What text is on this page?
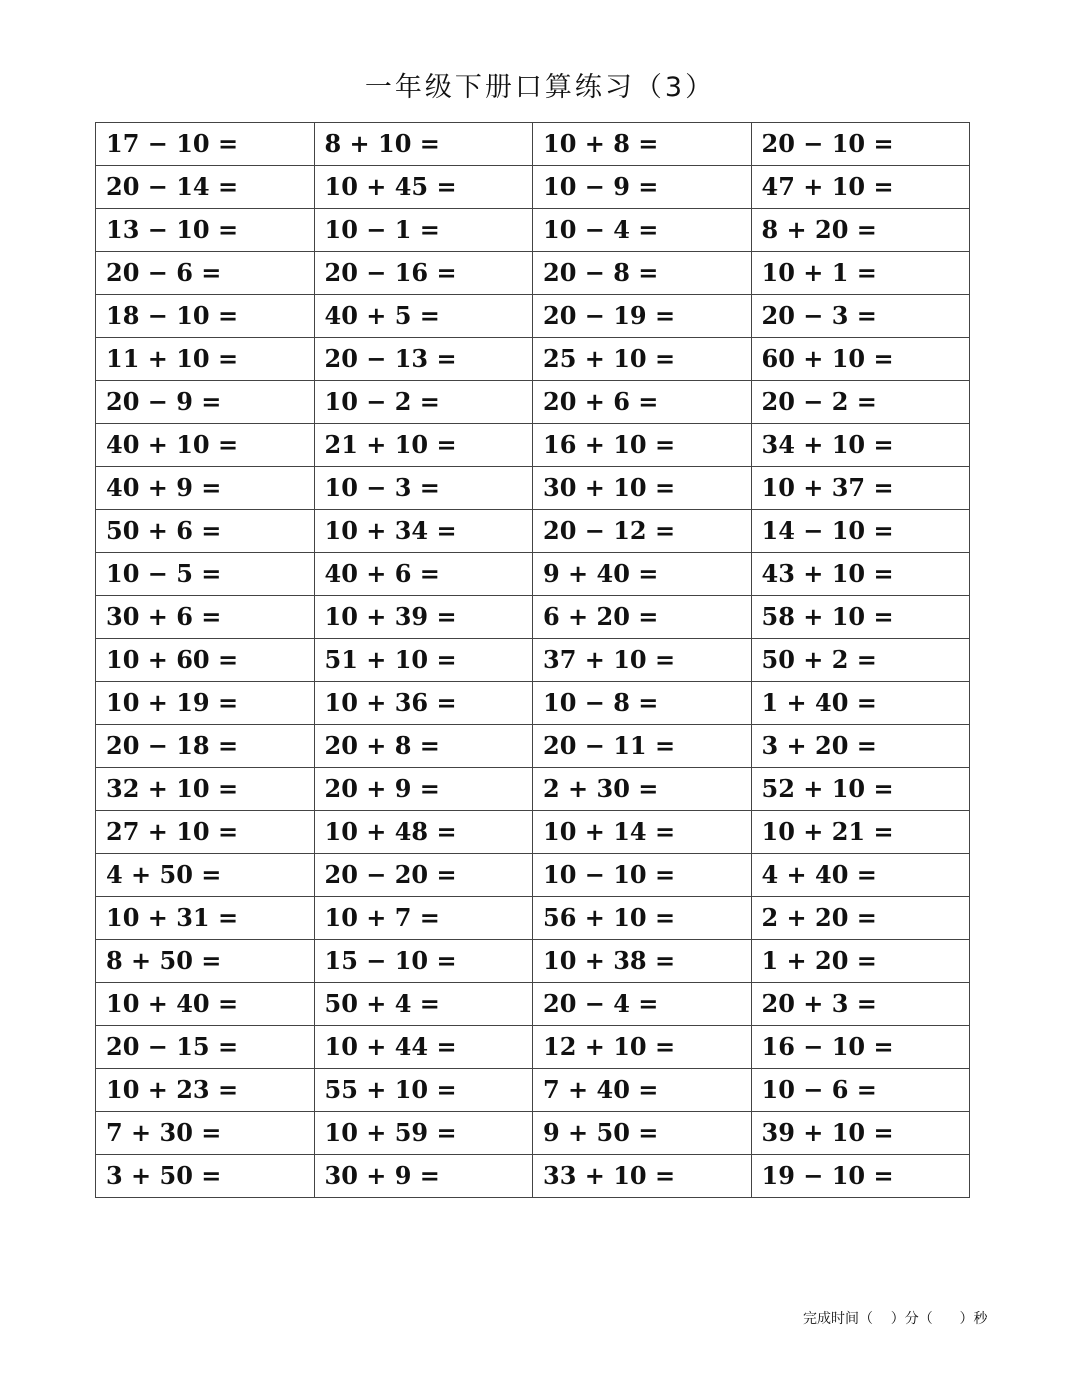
一年级下册口算练习（3）
17 − 10 =	8 + 10 =	10 + 8 =	20 − 10 =
20 − 14 =	10 + 45 =	10 − 9 =	47 + 10 =
13 − 10 =	10 − 1 =	10 − 4 =	8 + 20 =
20 − 6 =	20 − 16 =	20 − 8 =	10 + 1 =
18 − 10 =	40 + 5 =	20 − 19 =	20 − 3 =
11 + 10 =	20 − 13 =	25 + 10 =	60 + 10 =
20 − 9 =	10 − 2 =	20 + 6 =	20 − 2 =
40 + 10 =	21 + 10 =	16 + 10 =	34 + 10 =
40 + 9 =	10 − 3 =	30 + 10 =	10 + 37 =
50 + 6 =	10 + 34 =	20 − 12 =	14 − 10 =
10 − 5 =	40 + 6 =	9 + 40 =	43 + 10 =
30 + 6 =	10 + 39 =	6 + 20 =	58 + 10 =
10 + 60 =	51 + 10 =	37 + 10 =	50 + 2 =
10 + 19 =	10 + 36 =	10 − 8 =	1 + 40 =
20 − 18 =	20 + 8 =	20 − 11 =	3 + 20 =
32 + 10 =	20 + 9 =	2 + 30 =	52 + 10 =
27 + 10 =	10 + 48 =	10 + 14 =	10 + 21 =
4 + 50 =	20 − 20 =	10 − 10 =	4 + 40 =
10 + 31 =	10 + 7 =	56 + 10 =	2 + 20 =
8 + 50 =	15 − 10 =	10 + 38 =	1 + 20 =
10 + 40 =	50 + 4 =	20 − 4 =	20 + 3 =
20 − 15 =	10 + 44 =	12 + 10 =	16 − 10 =
10 + 23 =	55 + 10 =	7 + 40 =	10 − 6 =
7 + 30 =	10 + 59 =	9 + 50 =	39 + 10 =
3 + 50 =	30 + 9 =	33 + 10 =	19 − 10 =
完成时间（    ）分（      ）秒
